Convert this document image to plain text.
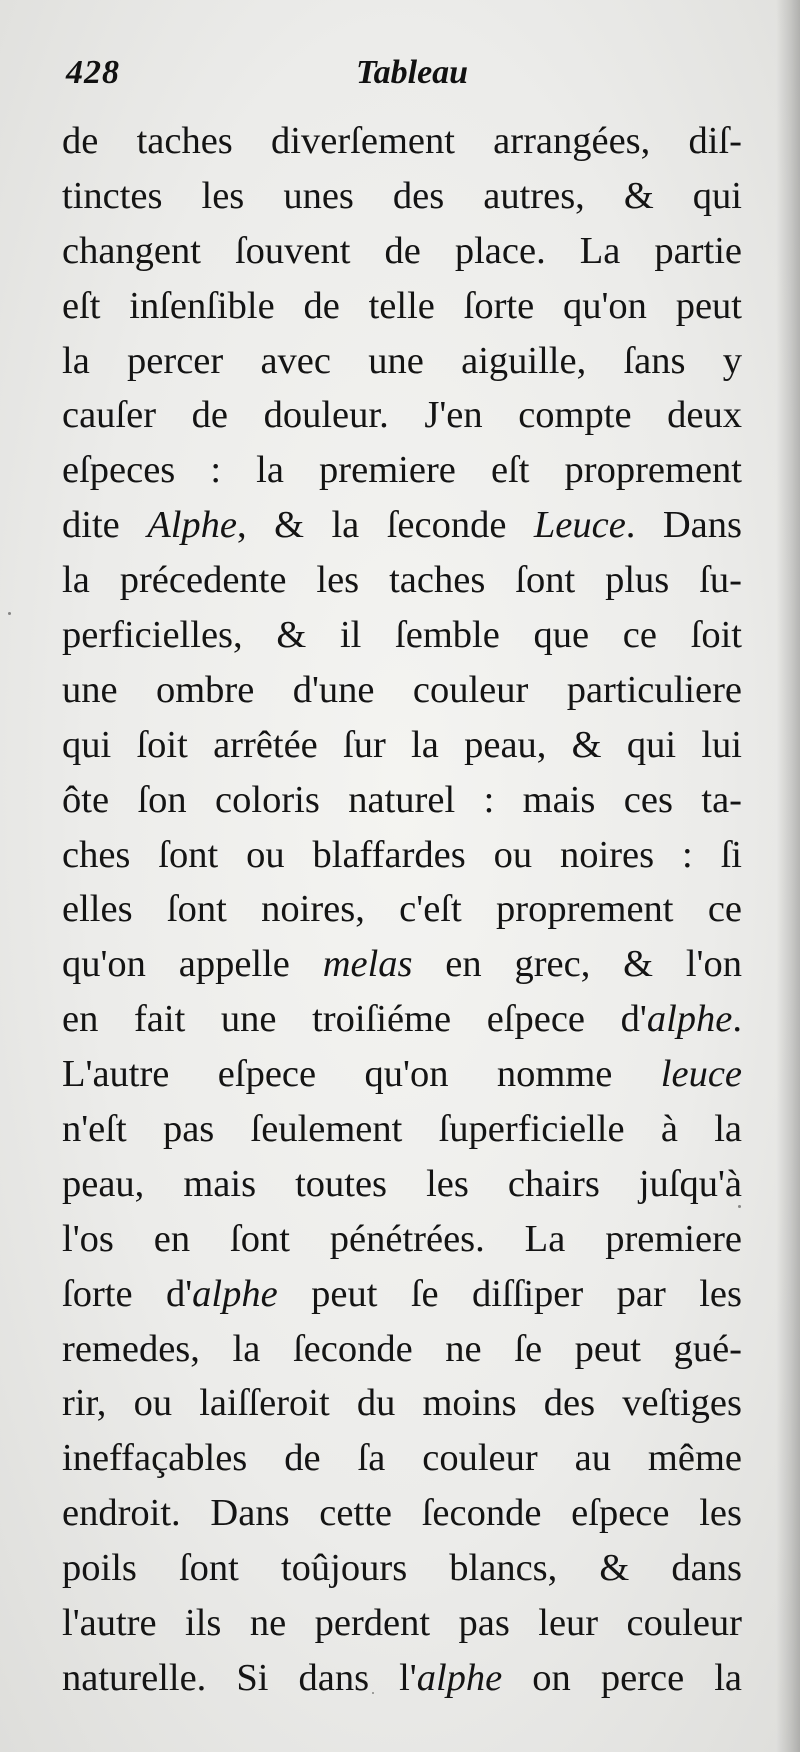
428	Tableau
de taches diverſement arrangées, diſ-
tinctes les unes des autres, & qui
changent ſouvent de place. La partie
eſt inſenſible de telle ſorte qu'on peut
la percer avec une aiguille, ſans y
cauſer de douleur. J'en compte deux
eſpeces : la premiere eſt proprement
dite Alphe, & la ſeconde Leuce. Dans
la précedente les taches ſont plus ſu-
perficielles, & il ſemble que ce ſoit
une ombre d'une couleur particuliere
qui ſoit arrêtée ſur la peau, & qui lui
ôte ſon coloris naturel : mais ces ta-
ches ſont ou blaffardes ou noires : ſi
elles ſont noires, c'eſt proprement ce
qu'on appelle melas en grec, & l'on
en fait une troiſiéme eſpece d'alphe.
L'autre eſpece qu'on nomme leuce
n'eſt pas ſeulement ſuperficielle à la
peau, mais toutes les chairs juſqu'à
l'os en ſont pénétrées. La premiere
ſorte d'alphe peut ſe diſſiper par les
remedes, la ſeconde ne ſe peut gué-
rir, ou laiſſeroit du moins des veſtiges
ineffaçables de ſa couleur au même
endroit. Dans cette ſeconde eſpece les
poils ſont toûjours blancs, & dans
l'autre ils ne perdent pas leur couleur
naturelle. Si dans l'alphe on perce la
